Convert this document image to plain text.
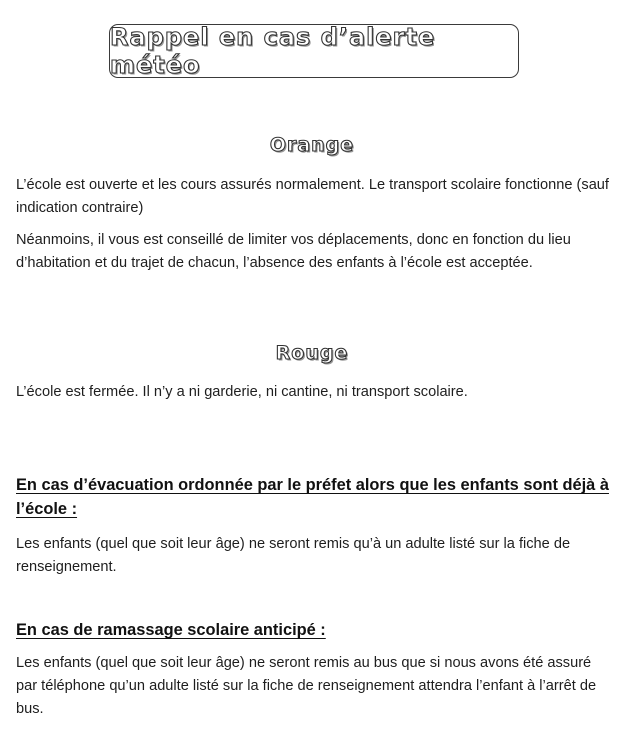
Rappel en cas d’alerte météo
Orange

L’école est ouverte et les cours assurés normalement. Le transport scolaire fonctionne (sauf indication contraire)

Néanmoins, il vous est conseillé de limiter vos déplacements, donc en fonction du lieu d’habitation et du trajet de chacun, l’absence des enfants à l’école est acceptée.

Rouge

L’école est fermée. Il n’y a ni garderie, ni cantine, ni transport scolaire.

En cas d’évacuation ordonnée par le préfet alors que les enfants sont déjà à l’école :

Les enfants (quel que soit leur âge) ne seront remis qu’à un adulte listé sur la fiche de renseignement.

En cas de ramassage scolaire anticipé :

Les enfants (quel que soit leur âge) ne seront remis au bus que si nous avons été assuré par téléphone qu’un adulte listé sur la fiche de renseignement attendra l’enfant à l’arrêt de bus.
